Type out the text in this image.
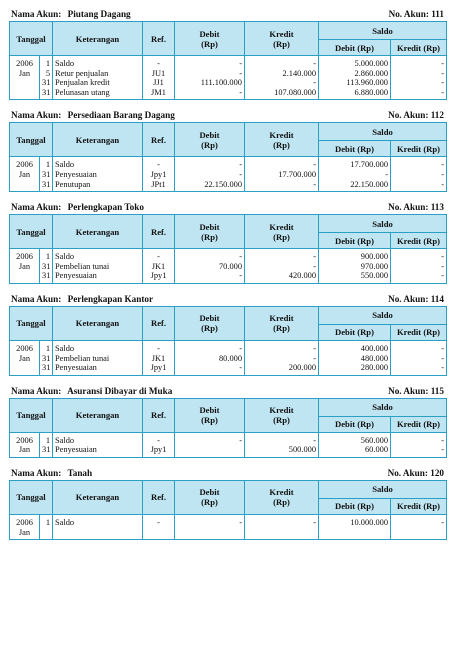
Nama Akun: Piutang Dagang	No. Akun: 111
Tanggal		Keterangan	Ref.	Debit
(Rp)	Kredit
(Rp)	Saldo	
						Debit (Rp)	Kredit (Rp)
2006	1	Saldo	-	-	-	5.000.000	-
Jan	5	Retur penjualan	JU1	-	2.140.000	2.860.000	-
	31	Penjualan kredit	JJ1	111.100.000	-	113.960.000	-
	31	Pelunasan utang	JM1	-	107.080.000	6.880.000	-
Nama Akun: Persediaan Barang Dagang	No. Akun: 112
Tanggal		Keterangan	Ref.	Debit
(Rp)	Kredit
(Rp)	Saldo	
						Debit (Rp)	Kredit (Rp)
2006	1	Saldo	-	-	-	17.700.000	-
Jan	31	Penyesuaian	Jpy1	-	17.700.000	-	-
	31	Penutupan	JPt1	22.150.000	-	22.150.000	-
Nama Akun: Perlengkapan Toko	No. Akun: 113
Tanggal		Keterangan	Ref.	Debit
(Rp)	Kredit
(Rp)	Saldo	
						Debit (Rp)	Kredit (Rp)
2006	1	Saldo	-	-	-	900.000	-
Jan	31	Pembelian tunai	JK1	70.000	-	970.000	-
	31	Penyesuaian	Jpy1	-	420.000	550.000	-
Nama Akun: Perlengkapan Kantor	No. Akun: 114
Tanggal		Keterangan	Ref.	Debit
(Rp)	Kredit
(Rp)	Saldo	
						Debit (Rp)	Kredit (Rp)
2006	1	Saldo	-	-	-	400.000	-
Jan	31	Pembelian tunai	JK1	80.000	-	480.000	-
	31	Penyesuaian	Jpy1	-	200.000	280.000	-
Nama Akun: Asuransi Dibayar di Muka	No. Akun: 115
Tanggal		Keterangan	Ref.	Debit
(Rp)	Kredit
(Rp)	Saldo	
						Debit (Rp)	Kredit (Rp)
2006	1	Saldo	-	-	-	560.000	-
Jan	31	Penyesuaian	Jpy1		500.000	60.000	-
Nama Akun: Tanah	No. Akun: 120
Tanggal		Keterangan	Ref.	Debit
(Rp)	Kredit
(Rp)	Saldo	
						Debit (Rp)	Kredit (Rp)
2006	1	Saldo	-	-	-	10.000.000	-
Jan							
